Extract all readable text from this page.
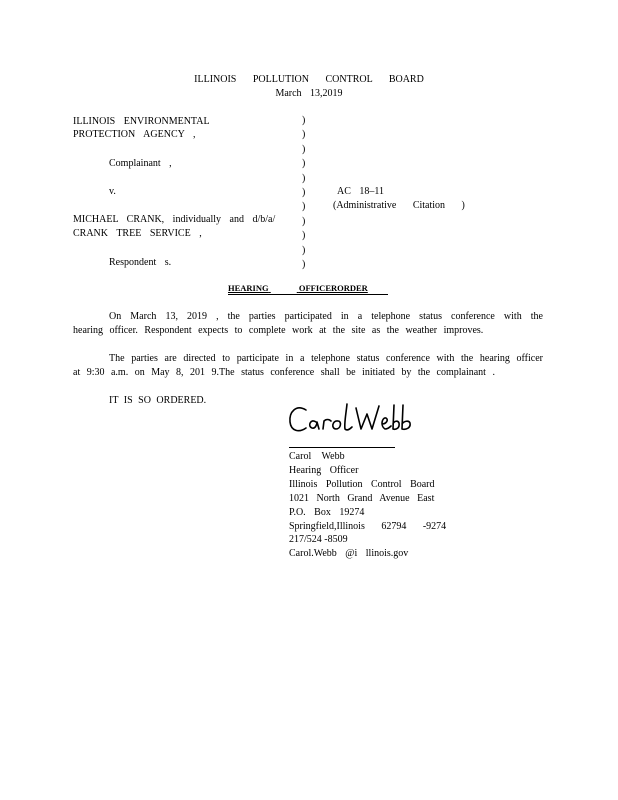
ILLINOIS POLLUTION CONTROL BOARD
March 13,2019
ILLINOIS ENVIRONMENTAL
PROTECTION AGENCY ,
Complainant ,
v.
MICHAEL CRANK, individually and d/b/a/
CRANK TREE SERVICE ,
Respondent s.
)
)
)
)
)
)
)
)
)
)
)
AC 18–11
(Administrative Citation )
HEARING	OFFICERORDER
On March 13, 2019 , the parties participated in a telephone status conference with the hearing officer. Respondent expects to complete work at the site as the weather improves.
The parties are directed to participate in a telephone status conference with the hearing officer at 9:30 a.m. on May 8, 201 9.The status conference shall be initiated by the complainant .
IT IS SO ORDERED.
Carol Webb
Hearing Officer
Illinois Pollution Control Board
1021 North Grand Avenue East
P.O. Box 19274
Springfield,Illinois 62794 -9274
217/524 -8509
Carol.Webb @i llinois.gov
